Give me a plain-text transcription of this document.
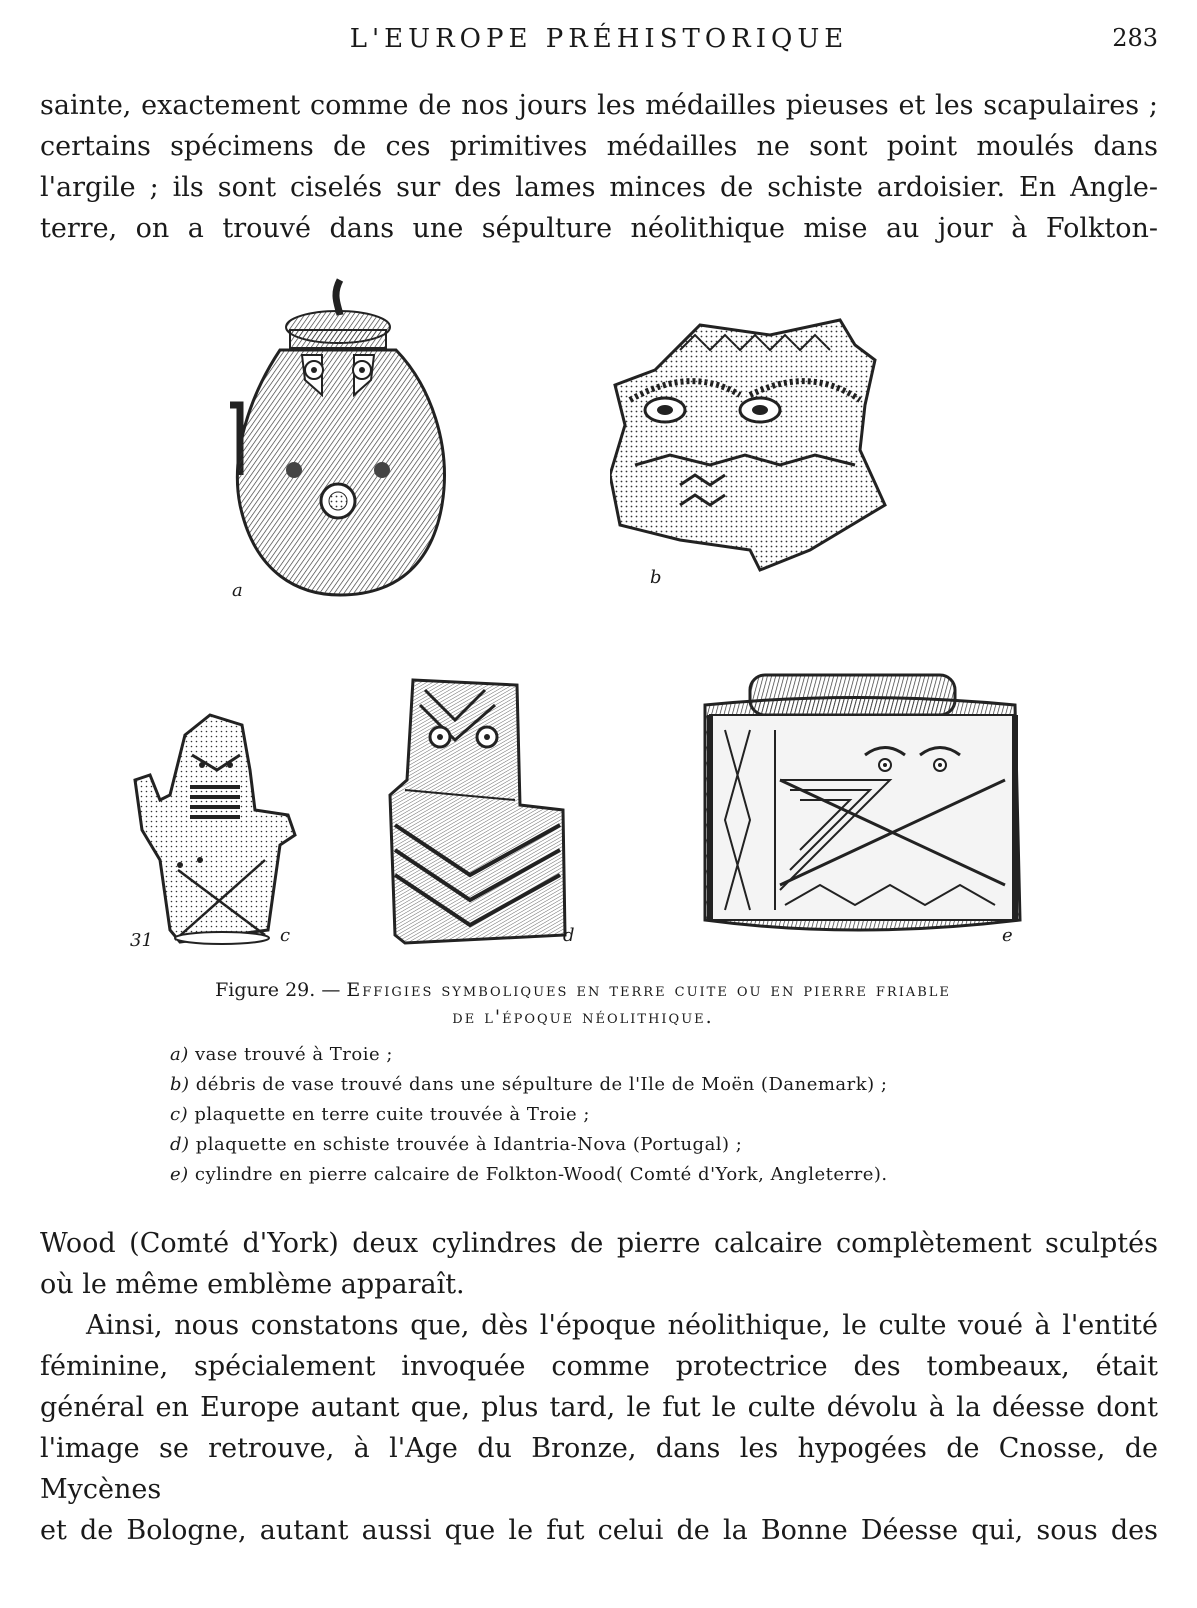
L'EUROPE PRÉHISTORIQUE	283
sainte, exactement comme de nos jours les médailles pieuses et les scapulaires ;
certains spécimens de ces primitives médailles ne sont point moulés dans
l'argile ; ils sont ciselés sur des lames minces de schiste ardoisier. En Angle-
terre, on a trouvé dans une sépulture néolithique mise au jour à Folkton-
a
b
31	c	d	e
Figure 29. — Effigies symboliques en terre cuite ou en pierre friable
de l'époque néolithique.
a) vase trouvé à Troie ;
b) débris de vase trouvé dans une sépulture de l'Ile de Moën (Danemark) ;
c) plaquette en terre cuite trouvée à Troie ;
d) plaquette en schiste trouvée à Idantria-Nova (Portugal) ;
e) cylindre en pierre calcaire de Folkton-Wood( Comté d'York, Angleterre).
Wood (Comté d'York) deux cylindres de pierre calcaire complètement sculptés
où le même emblème apparaît.
Ainsi, nous constatons que, dès l'époque néolithique, le culte voué à l'entité
féminine, spécialement invoquée comme protectrice des tombeaux, était
général en Europe autant que, plus tard, le fut le culte dévolu à la déesse dont
l'image se retrouve, à l'Age du Bronze, dans les hypogées de Cnosse, de Mycènes
et de Bologne, autant aussi que le fut celui de la Bonne Déesse qui, sous des
